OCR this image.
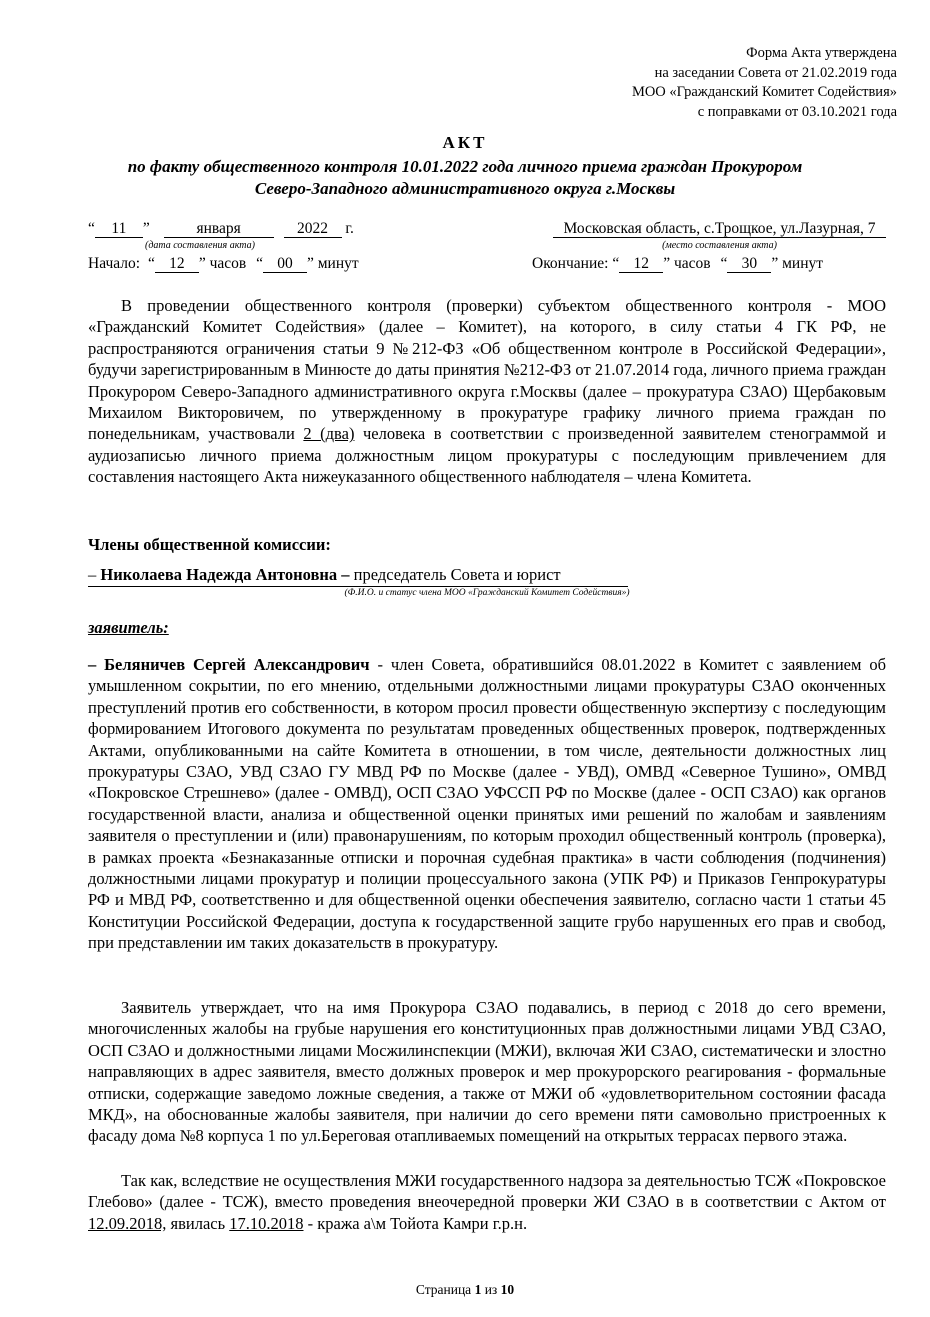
Форма Акта утверждена
на заседании Совета от 21.02.2019 года
МОО «Гражданский Комитет Содействия»
с поправками от 03.10.2021 года
АКТ
по факту общественного контроля 10.01.2022 года личного приема граждан Прокурором
Северо-Западного административного округа г.Москвы
“ 11 ”	января	2022 г.
(дата составления акта)
Московская область, с.Трощкое, ул.Лазурная, 7
(место составления акта)
Начало: “ 12 ” часов “ 00 ” минут	Окончание: “ 12 ” часов “ 30 ” минут
В проведении общественного контроля (проверки) субъектом общественного контроля - МОО «Гражданский Комитет Содействия» (далее – Комитет), на которого, в силу статьи 4 ГК РФ, не распространяются ограничения статьи 9 №212-ФЗ «Об общественном контроле в Российской Федерации», будучи зарегистрированным в Минюсте до даты принятия №212-ФЗ от 21.07.2014 года, личного приема граждан Прокурором Северо-Западного административного округа г.Москвы (далее – прокуратура СЗАО) Щербаковым Михаилом Викторовичем, по утвержденному в прокуратуре графику личного приема граждан по понедельникам, участвовали 2 (два) человека в соответствии с произведенной заявителем стенограммой и аудиозаписью личного приема должностным лицом прокуратуры с последующим привлечением для составления настоящего Акта нижеуказанного общественного наблюдателя – члена Комитета.
Члены общественной комиссии:
– Николаева Надежда Антоновна – председатель Совета и юрист
(Ф.И.О. и статус члена МОО «Гражданский Комитет Содействия»)
заявитель:
– Беляничев Сергей Александрович - член Совета, обратившийся 08.01.2022 в Комитет с заявлением об умышленном сокрытии, по его мнению, отдельными должностными лицами прокуратуры СЗАО оконченных преступлений против его собственности, в котором просил провести общественную экспертизу с последующим формированием Итогового документа по результатам проведенных общественных проверок, подтвержденных Актами, опубликованными на сайте Комитета в отношении, в том числе, деятельности должностных лиц прокуратуры СЗАО, УВД СЗАО ГУ МВД РФ по Москве (далее - УВД), ОМВД «Северное Тушино», ОМВД «Покровское Стрешнево» (далее - ОМВД), ОСП СЗАО УФССП РФ по Москве (далее - ОСП СЗАО) как органов государственной власти, анализа и общественной оценки принятых ими решений по жалобам и заявлениям заявителя о преступлении и (или) правонарушениям, по которым проходил общественный контроль (проверка), в рамках проекта «Безнаказанные отписки и порочная судебная практика» в части соблюдения (подчинения) должностными лицами прокуратур и полиции процессуального закона (УПК РФ) и Приказов Генпрокуратуры РФ и МВД РФ, соответственно и для общественной оценки обеспечения заявителю, согласно части 1 статьи 45 Конституции Российской Федерации, доступа к государственной защите грубо нарушенных его прав и свобод, при представлении им таких доказательств в прокуратуру.
Заявитель утверждает, что на имя Прокурора СЗАО подавались, в период с 2018 до сего времени, многочисленных жалобы на грубые нарушения его конституционных прав должностными лицами УВД СЗАО, ОСП СЗАО и должностными лицами Мосжилинспекции (МЖИ), включая ЖИ СЗАО, систематически и злостно направляющих в адрес заявителя, вместо должных проверок и мер прокурорского реагирования - формальные отписки, содержащие заведомо ложные сведения, а также от МЖИ об «удовлетворительном состоянии фасада МКД», на обоснованные жалобы заявителя, при наличии до сего времени пяти самовольно пристроенных к фасаду дома №8 корпуса 1 по ул.Береговая отапливаемых помещений на открытых террасах первого этажа.
Так как, вследствие не осуществления МЖИ государственного надзора за деятельностью ТСЖ «Покровское Глебово» (далее - ТСЖ), вместо проведения внеочередной проверки ЖИ СЗАО в в соответствии с Актом от 12.09.2018, явилась 17.10.2018 - кража а\м Тойота Камри г.р.н.
Страница 1 из 10
